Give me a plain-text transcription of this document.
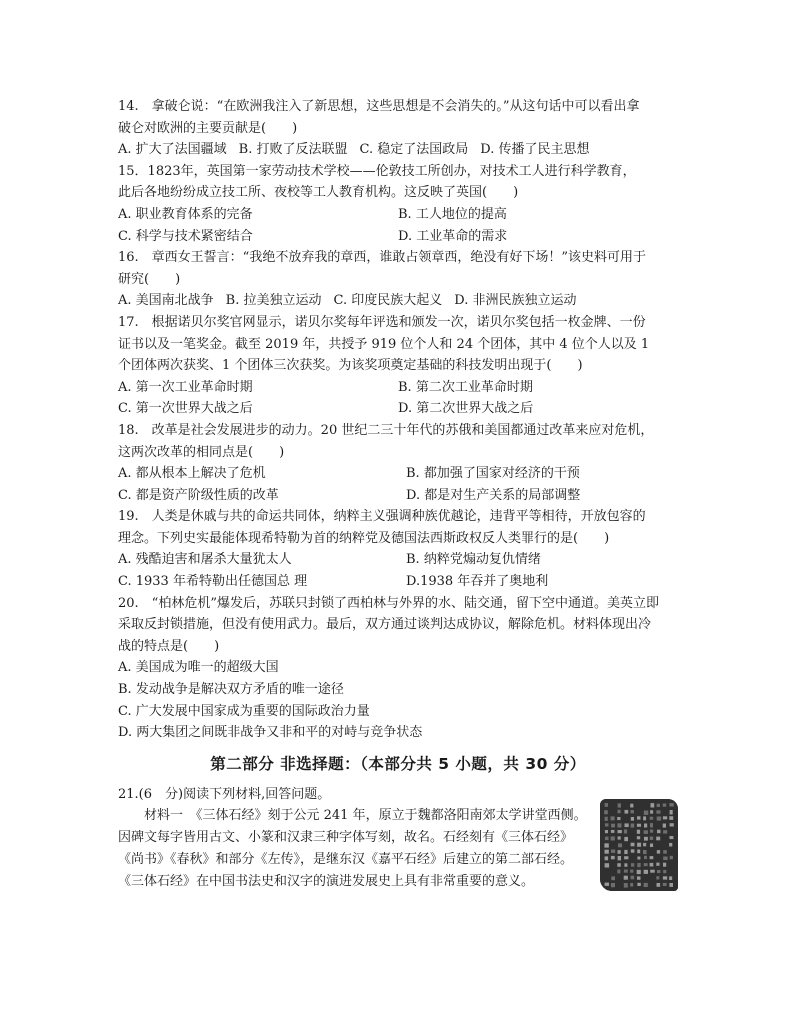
14.　拿破仑说：“在欧洲我注入了新思想，这些思想是不会消失的。”从这句话中可以看出拿
破仑对欧洲的主要贡献是(　　)
A. 扩大了法国疆域 B. 打败了反法联盟 C. 稳定了法国政局 D. 传播了民主思想
15．1823年，英国第一家劳动技术学校——伦敦技工所创办，对技术工人进行科学教育，
此后各地纷纷成立技工所、夜校等工人教育机构。这反映了英国(　　)
A. 职业教育体系的完备	B. 工人地位的提高
C. 科学与技术紧密结合	D. 工业革命的需求
16.　章西女王誓言：“我绝不放弃我的章西，谁敢占领章西，绝没有好下场！”该史料可用于
研究(　　)
A. 美国南北战争 B. 拉美独立运动 C. 印度民族大起义 D. 非洲民族独立运动
17.　根据诺贝尔奖官网显示，诺贝尔奖每年评选和颁发一次，诺贝尔奖包括一枚金牌、一份
证书以及一笔奖金。截至 2019 年，共授予 919 位个人和 24 个团体，其中 4 位个人以及 1
个团体两次获奖、1 个团体三次获奖。为该奖项奠定基础的科技发明出现于(　　)
A. 第一次工业革命时期	B. 第二次工业革命时期
C. 第一次世界大战之后	D. 第二次世界大战之后
18.　改革是社会发展进步的动力。20 世纪二三十年代的苏俄和美国都通过改革来应对危机，
这两次改革的相同点是(　　)
A. 都从根本上解决了危机	B. 都加强了国家对经济的干预
C. 都是资产阶级性质的改革	D. 都是对生产关系的局部调整
19.　人类是休戚与共的命运共同体，纳粹主义强调种族优越论，违背平等相待，开放包容的
理念。下列史实最能体现希特勒为首的纳粹党及德国法西斯政权反人类罪行的是(　　)
A. 残酷迫害和屠杀大量犹太人	B. 纳粹党煽动复仇情绪
C. 1933 年希特勒出任德国总 理	D.1938 年吞并了奥地利
20.　“柏林危机”爆发后，苏联只封锁了西柏林与外界的水、陆交通，留下空中通道。美英立即
采取反封锁措施，但没有使用武力。最后，双方通过谈判达成协议，解除危机。材料体现出冷
战的特点是(　　)
A. 美国成为唯一的超级大国
B. 发动战争是解决双方矛盾的唯一途径
C. 广大发展中国家成为重要的国际政治力量
D. 两大集团之间既非战争又非和平的对峙与竞争状态
第二部分 非选择题：（本部分共 5 小题，共 30 分）
21.(6　分)阅读下列材料,回答问题。
材料一　《三体石经》刻于公元 241 年，原立于魏都洛阳南郊太学讲堂西侧。因碑文每字皆用古文、小篆和汉隶三种字体写刻，故名。石经刻有《三体石经》《尚书》《春秋》和部分《左传》，是继东汉《嘉平石经》后建立的第二部石经。《三体石经》在中国书法史和汉字的演进发展史上具有非常重要的意义。
